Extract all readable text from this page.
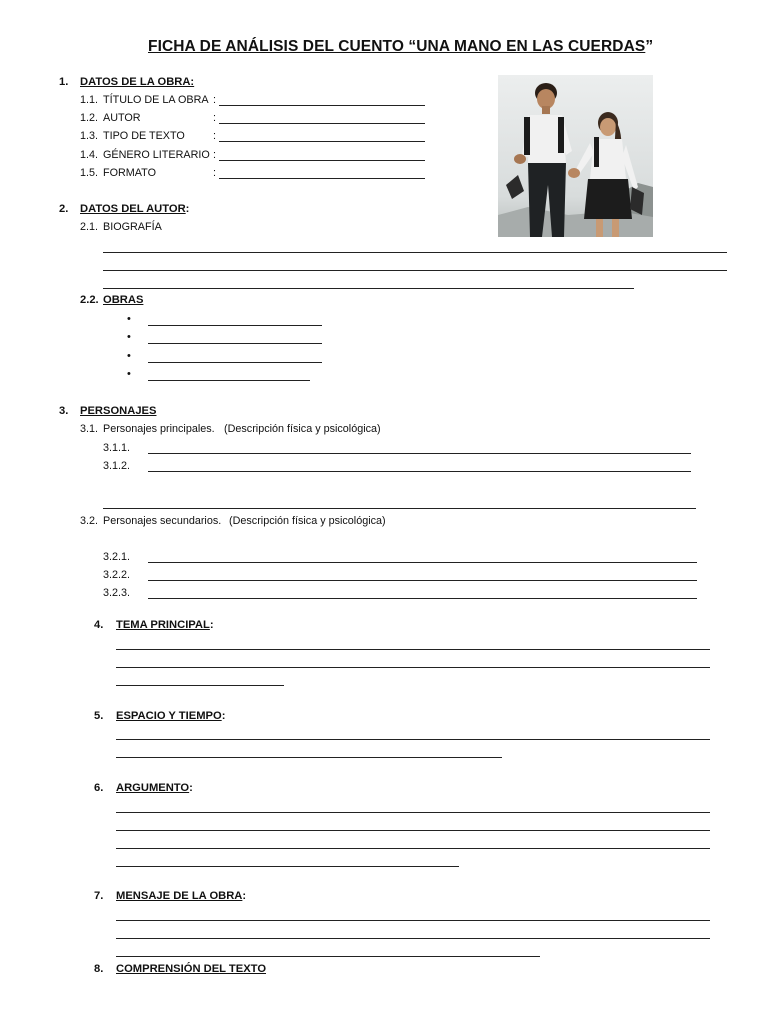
FICHA DE ANÁLISIS DEL CUENTO “UNA MANO EN LAS CUERDAS”
1. DATOS DE LA OBRA:
1.1. TÍTULO DE LA OBRA :
1.2. AUTOR	:
1.3. TIPO DE TEXTO	:
1.4. GÉNERO LITERARIO :
1.5. FORMATO	:
2. DATOS DEL AUTOR:
2.1. BIOGRAFÍA
2.2. OBRAS
•
•
•
•
3. PERSONAJES
3.1. Personajes principales. (Descripción física y psicológica)
3.1.1.
3.1.2.
3.2. Personajes secundarios. (Descripción física y psicológica)
3.2.1.
3.2.2.
3.2.3.
4. TEMA PRINCIPAL:
5. ESPACIO Y TIEMPO:
6. ARGUMENTO:
7. MENSAJE DE LA OBRA:
8. COMPRENSIÓN DEL TEXTO
